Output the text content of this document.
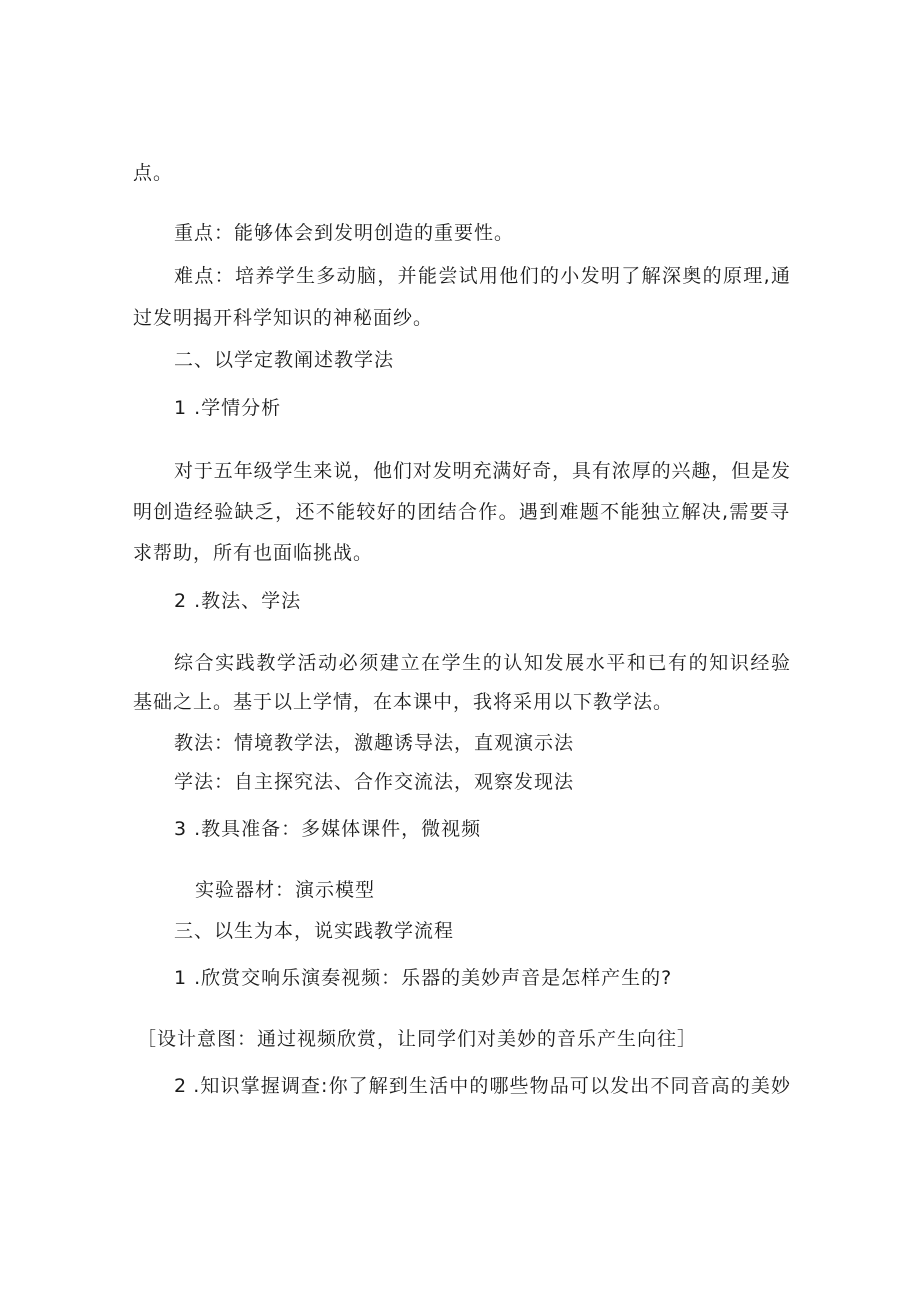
点。
重点：能够体会到发明创造的重要性。
难点：培养学生多动脑，并能尝试用他们的小发明了解深奥的原理,通
过发明揭开科学知识的神秘面纱。
二、以学定教阐述教学法
1 .学情分析
对于五年级学生来说，他们对发明充满好奇，具有浓厚的兴趣，但是发
明创造经验缺乏，还不能较好的团结合作。遇到难题不能独立解决,需要寻
求帮助，所有也面临挑战。
2 .教法、学法
综合实践教学活动必须建立在学生的认知发展水平和已有的知识经验
基础之上。基于以上学情，在本课中，我将采用以下教学法。
教法：情境教学法，激趣诱导法，直观演示法
学法：自主探究法、合作交流法，观察发现法
3 .教具准备：多媒体课件，微视频
实验器材：演示模型
三、以生为本，说实践教学流程
1 .欣赏交响乐演奏视频：乐器的美妙声音是怎样产生的?
［设计意图：通过视频欣赏，让同学们对美妙的音乐产生向往］
2 .知识掌握调查:你了解到生活中的哪些物品可以发出不同音高的美妙
